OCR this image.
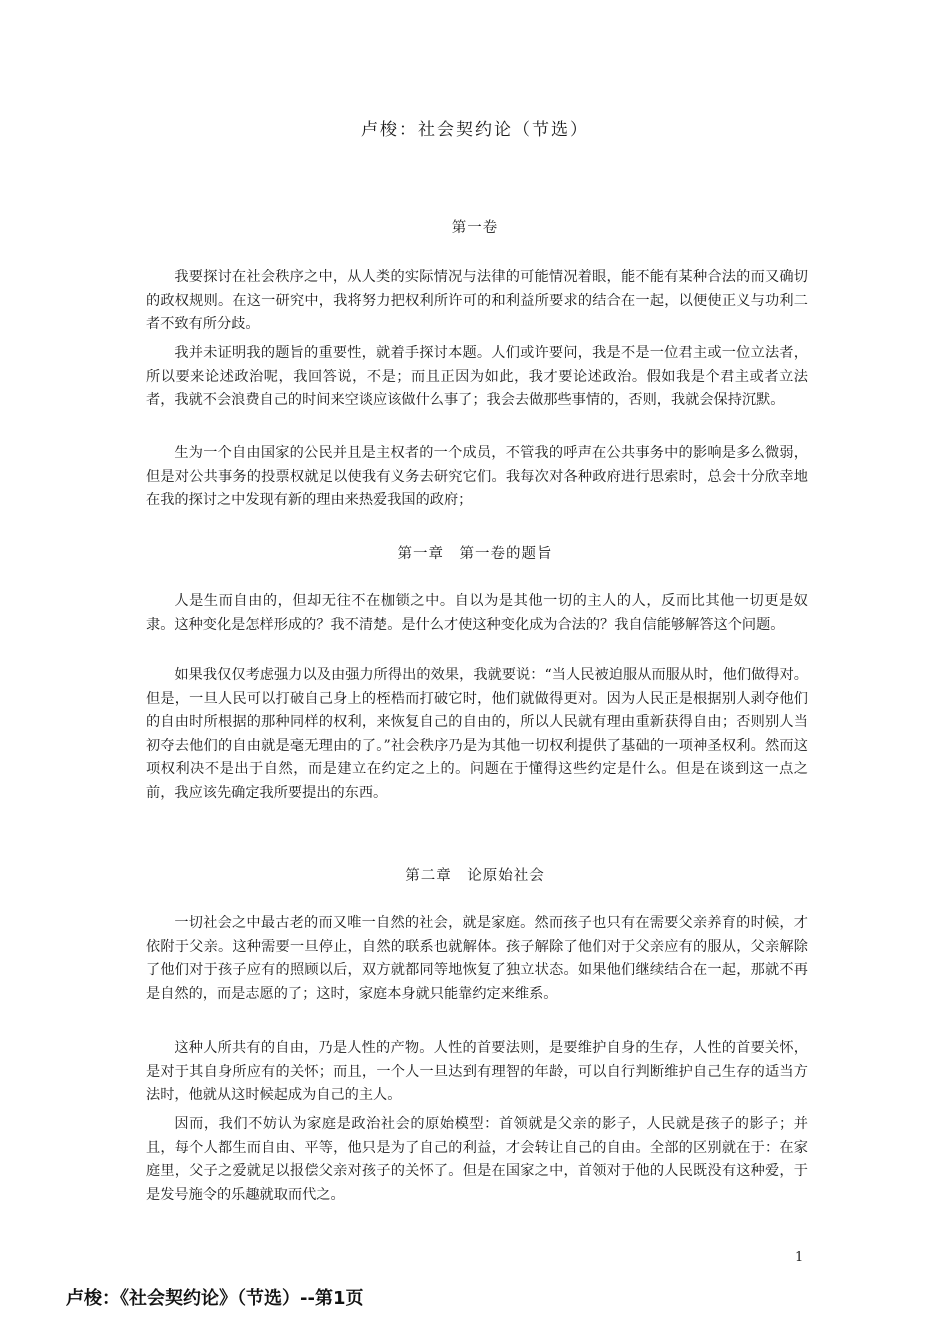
卢梭：社会契约论（节选）
第一卷

我要探讨在社会秩序之中，从人类的实际情况与法律的可能情况着眼，能不能有某种合法的而又确切的政权规则。在这一研究中，我将努力把权利所许可的和利益所要求的结合在一起，以便使正义与功利二者不致有所分歧。

我并未证明我的题旨的重要性，就着手探讨本题。人们或许要问，我是不是一位君主或一位立法者，所以要来论述政治呢，我回答说，不是；而且正因为如此，我才要论述政治。假如我是个君主或者立法者，我就不会浪费自己的时间来空谈应该做什么事了；我会去做那些事情的，否则，我就会保持沉默。

生为一个自由国家的公民并且是主权者的一个成员，不管我的呼声在公共事务中的影响是多么微弱，但是对公共事务的投票权就足以使我有义务去研究它们。我每次对各种政府进行思索时，总会十分欣幸地在我的探讨之中发现有新的理由来热爱我国的政府；

第一章　第一卷的题旨

人是生而自由的，但却无往不在枷锁之中。自以为是其他一切的主人的人，反而比其他一切更是奴隶。这种变化是怎样形成的？我不清楚。是什么才使这种变化成为合法的？我自信能够解答这个问题。

如果我仅仅考虑强力以及由强力所得出的效果，我就要说：“当人民被迫服从而服从时，他们做得对。但是，一旦人民可以打破自己身上的桎梏而打破它时，他们就做得更对。因为人民正是根据别人剥夺他们的自由时所根据的那种同样的权利，来恢复自己的自由的，所以人民就有理由重新获得自由；否则别人当初夺去他们的自由就是毫无理由的了。”社会秩序乃是为其他一切权利提供了基础的一项神圣权利。然而这项权利决不是出于自然，而是建立在约定之上的。问题在于懂得这些约定是什么。但是在谈到这一点之前，我应该先确定我所要提出的东西。

第二章　论原始社会

一切社会之中最古老的而又唯一自然的社会，就是家庭。然而孩子也只有在需要父亲养育的时候，才依附于父亲。这种需要一旦停止，自然的联系也就解体。孩子解除了他们对于父亲应有的服从，父亲解除了他们对于孩子应有的照顾以后，双方就都同等地恢复了独立状态。如果他们继续结合在一起，那就不再是自然的，而是志愿的了；这时，家庭本身就只能靠约定来维系。

这种人所共有的自由，乃是人性的产物。人性的首要法则，是要维护自身的生存，人性的首要关怀，是对于其自身所应有的关怀；而且，一个人一旦达到有理智的年龄，可以自行判断维护自己生存的适当方法时，他就从这时候起成为自己的主人。

因而，我们不妨认为家庭是政治社会的原始模型：首领就是父亲的影子，人民就是孩子的影子；并且，每个人都生而自由、平等，他只是为了自己的利益，才会转让自己的自由。全部的区别就在于：在家庭里，父子之爱就足以报偿父亲对孩子的关怀了。但是在国家之中，首领对于他的人民既没有这种爱，于是发号施令的乐趣就取而代之。

1
卢梭：《社会契约论》（节选）--第1页
